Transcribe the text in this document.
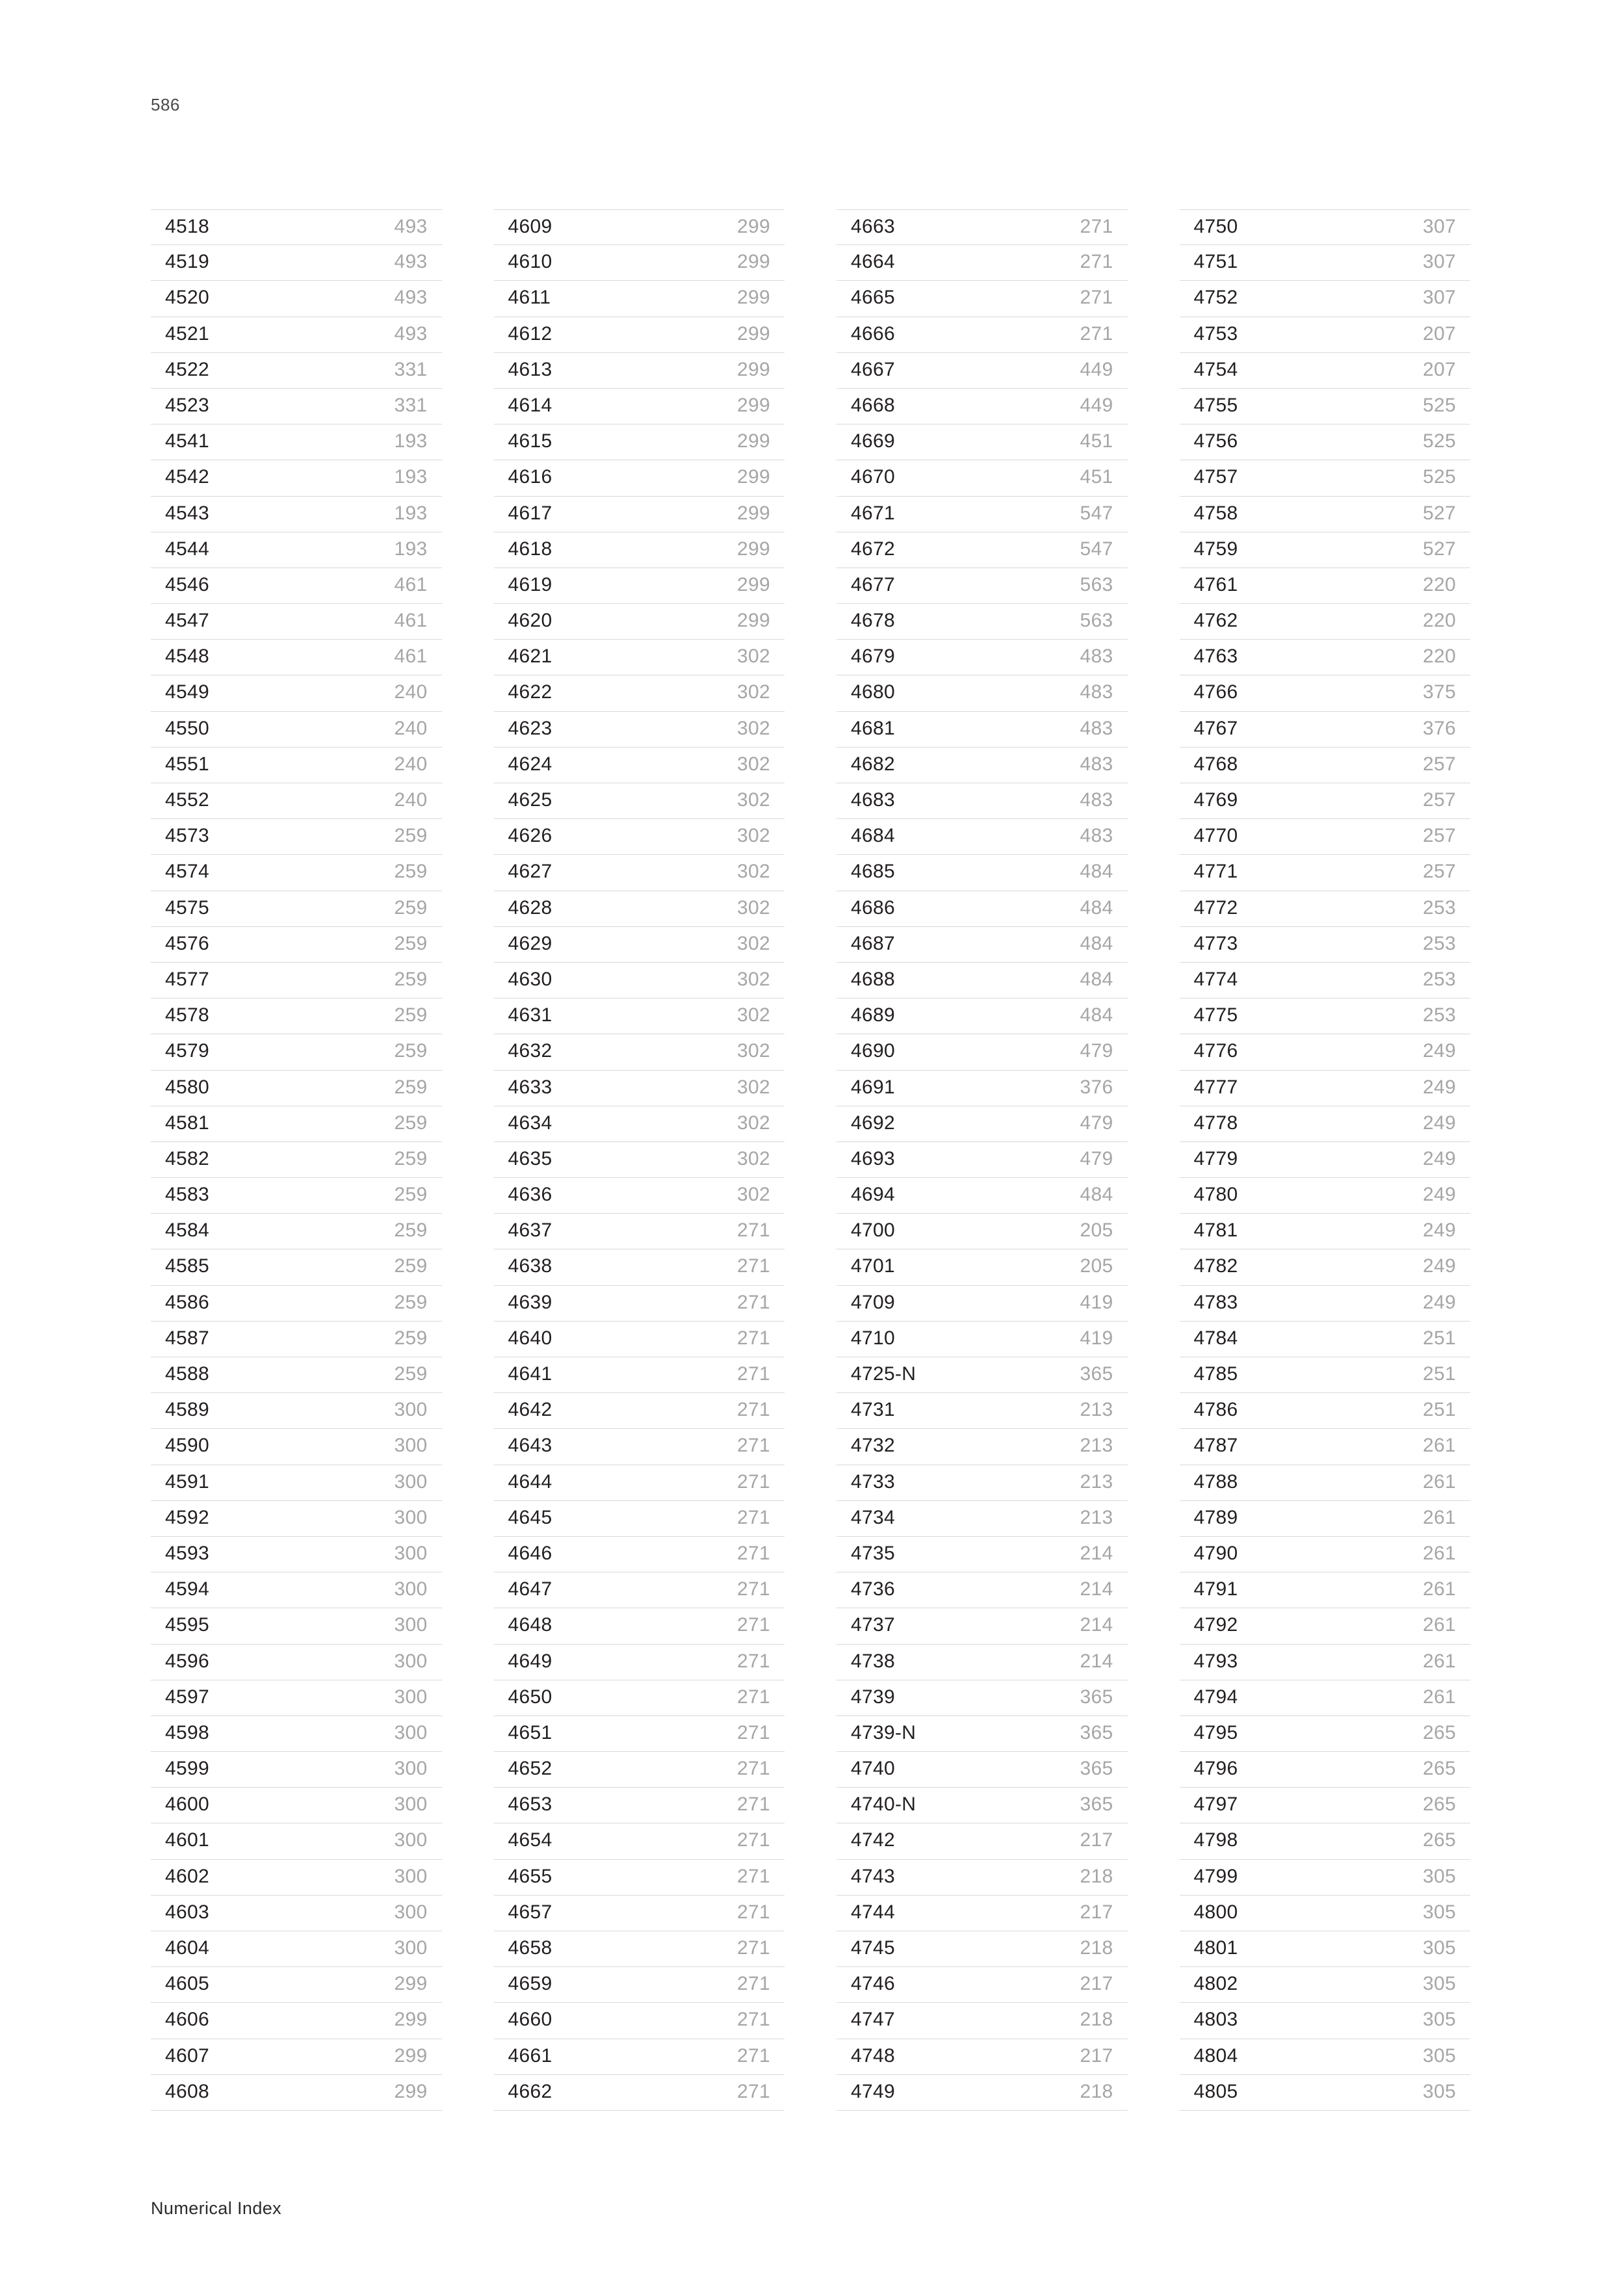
586
4518	493
4519	493
4520	493
4521	493
4522	331
4523	331
4541	193
4542	193
4543	193
4544	193
4546	461
4547	461
4548	461
4549	240
4550	240
4551	240
4552	240
4573	259
4574	259
4575	259
4576	259
4577	259
4578	259
4579	259
4580	259
4581	259
4582	259
4583	259
4584	259
4585	259
4586	259
4587	259
4588	259
4589	300
4590	300
4591	300
4592	300
4593	300
4594	300
4595	300
4596	300
4597	300
4598	300
4599	300
4600	300
4601	300
4602	300
4603	300
4604	300
4605	299
4606	299
4607	299
4608	299
4609	299
4610	299
4611	299
4612	299
4613	299
4614	299
4615	299
4616	299
4617	299
4618	299
4619	299
4620	299
4621	302
4622	302
4623	302
4624	302
4625	302
4626	302
4627	302
4628	302
4629	302
4630	302
4631	302
4632	302
4633	302
4634	302
4635	302
4636	302
4637	271
4638	271
4639	271
4640	271
4641	271
4642	271
4643	271
4644	271
4645	271
4646	271
4647	271
4648	271
4649	271
4650	271
4651	271
4652	271
4653	271
4654	271
4655	271
4657	271
4658	271
4659	271
4660	271
4661	271
4662	271
4663	271
4664	271
4665	271
4666	271
4667	449
4668	449
4669	451
4670	451
4671	547
4672	547
4677	563
4678	563
4679	483
4680	483
4681	483
4682	483
4683	483
4684	483
4685	484
4686	484
4687	484
4688	484
4689	484
4690	479
4691	376
4692	479
4693	479
4694	484
4700	205
4701	205
4709	419
4710	419
4725-N	365
4731	213
4732	213
4733	213
4734	213
4735	214
4736	214
4737	214
4738	214
4739	365
4739-N	365
4740	365
4740-N	365
4742	217
4743	218
4744	217
4745	218
4746	217
4747	218
4748	217
4749	218
4750	307
4751	307
4752	307
4753	207
4754	207
4755	525
4756	525
4757	525
4758	527
4759	527
4761	220
4762	220
4763	220
4766	375
4767	376
4768	257
4769	257
4770	257
4771	257
4772	253
4773	253
4774	253
4775	253
4776	249
4777	249
4778	249
4779	249
4780	249
4781	249
4782	249
4783	249
4784	251
4785	251
4786	251
4787	261
4788	261
4789	261
4790	261
4791	261
4792	261
4793	261
4794	261
4795	265
4796	265
4797	265
4798	265
4799	305
4800	305
4801	305
4802	305
4803	305
4804	305
4805	305
Numerical Index
